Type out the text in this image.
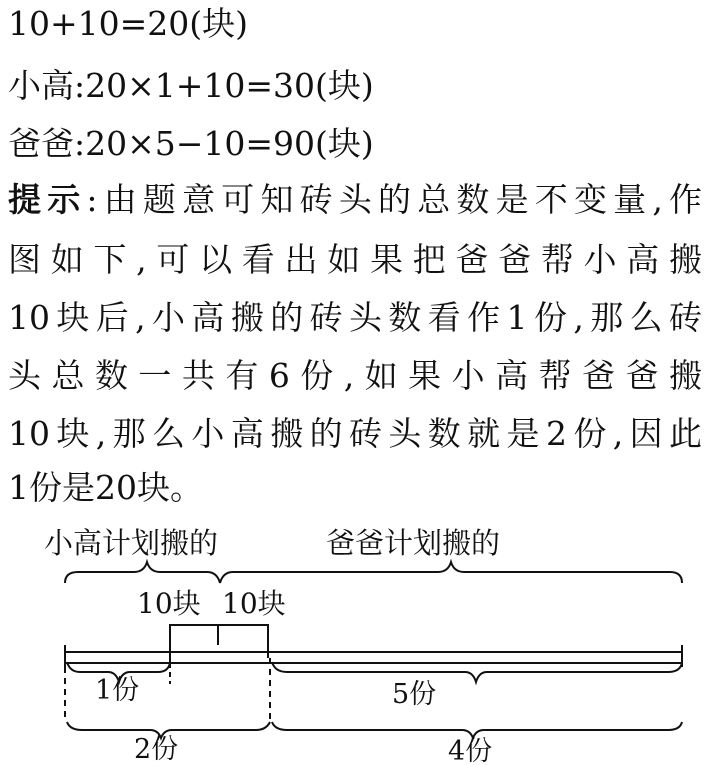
10+10=20(块)
小高:20×1+10=30(块)
爸爸:20×5−10=90(块)
提示:由题意可知砖头的总数是不变量,作
图如下,可以看出如果把爸爸帮小高搬
10块后,小高搬的砖头数看作1份,那么砖
头总数一共有6份,如果小高帮爸爸搬
10块,那么小高搬的砖头数就是2份,因此
1份是20块。
小高计划搬的	爸爸计划搬的
10块 10块
1份	5份
2份	4份
